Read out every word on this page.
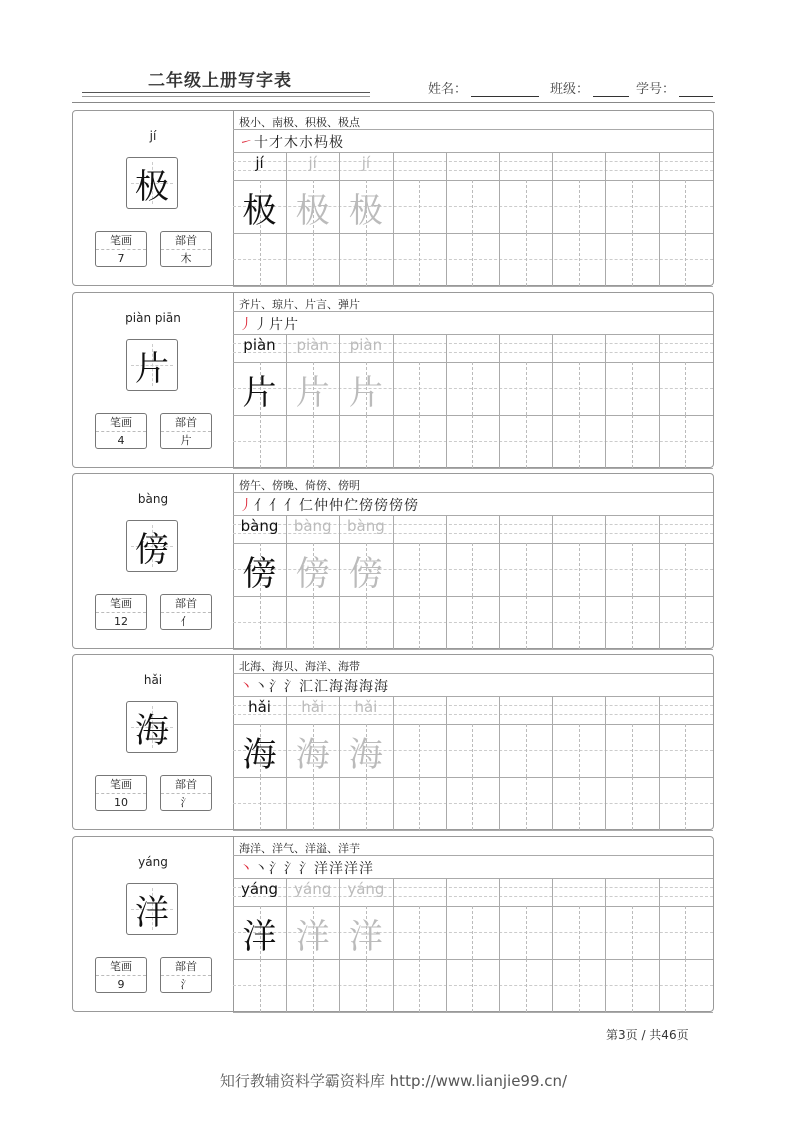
二年级上册写字表	姓名：	班级：	学号：
jí
极
笔画
7
部首
木
极小、南极、积极、极点
㇀十才木朩杩极
jí	jí	jí
极 极 极
piàn piān
片
笔画
4
部首
片
齐片、琼片、片言、弹片
丿丿片片
piàn	piàn	piàn
片 片 片
bàng
傍
笔画
12
部首
亻
傍午、傍晚、倚傍、傍明
丿亻亻亻仁仲仲伫傍傍傍傍
bàng	bàng	bàng
傍 傍 傍
hǎi
海
笔画
10
部首
氵
北海、海贝、海洋、海带
丶丶氵氵汇汇海海海海
hǎi	hǎi	hǎi
海 海 海
yáng
洋
笔画
9
部首
氵
海洋、洋气、洋溢、洋芋
丶丶氵氵氵洋洋洋洋
yáng	yáng	yáng
洋 洋 洋
第3页 / 共46页
知行教辅资料学霸资料库 http://www.lianjie99.cn/
